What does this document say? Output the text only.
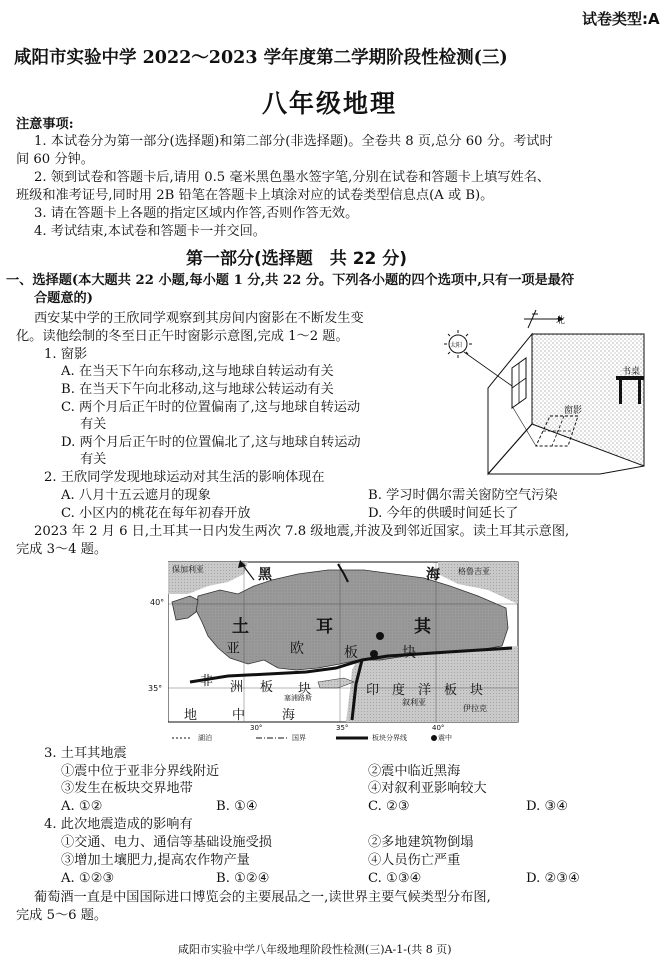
试卷类型:A
咸阳市实验中学 2022～2023 学年度第二学期阶段性检测(三)
八年级地理
注意事项:
1. 本试卷分为第一部分(选择题)和第二部分(非选择题)。全卷共 8 页,总分 60 分。考试时
间 60 分钟。
2. 领到试卷和答题卡后,请用 0.5 毫米黑色墨水签字笔,分别在试卷和答题卡上填写姓名、
班级和准考证号,同时用 2B 铅笔在答题卡上填涂对应的试卷类型信息点(A 或 B)。
3. 请在答题卡上各题的指定区域内作答,否则作答无效。
4. 考试结束,本试卷和答题卡一并交回。
第一部分(选择题　共 22 分)
一、选择题(本大题共 22 小题,每小题 1 分,共 22 分。下列各小题的四个选项中,只有一项是最符
合题意的)
西安某中学的王欣同学观察到其房间内窗影在不断发生变
化。读他绘制的冬至日正午时窗影示意图,完成 1～2 题。
1. 窗影
A. 在当天下午向东移动,这与地球自转运动有关
B. 在当天下午向北移动,这与地球公转运动有关
C. 两个月后正午时的位置偏南了,这与地球自转运动
有关
D. 两个月后正午时的位置偏北了,这与地球自转运动
有关
北
太阳
书桌
窗影
2. 王欣同学发现地球运动对其生活的影响体现在
A. 八月十五云遮月的现象	B. 学习时偶尔需关窗防空气污染
C. 小区内的桃花在每年初春开放	D. 今年的供暖时间延长了
2023 年 2 月 6 日,土耳其一日内发生两次 7.8 级地震,并波及到邻近国家。读土耳其示意图,
完成 3～4 题。
保加利亚	黑	海 格鲁吉亚
40°
土	耳	其
亚	欧	板	块
非 洲 板 块	印　度　洋　板　块
35°
塞浦路斯	叙利亚
伊拉克
地	中	海
30°	35°	40°
湖泊	国界	板块分界线	震中
3. 土耳其地震
①震中位于亚非分界线附近	②震中临近黑海
③发生在板块交界地带	④对叙利亚影响较大
A. ①②	B. ①④	C. ②③	D. ③④
4. 此次地震造成的影响有
①交通、电力、通信等基础设施受损	②多地建筑物倒塌
③增加土壤肥力,提高农作物产量	④人员伤亡严重
A. ①②③	B. ①②④	C. ①③④	D. ②③④
葡萄酒一直是中国国际进口博览会的主要展品之一,读世界主要气候类型分布图,
完成 5～6 题。
咸阳市实验中学八年级地理阶段性检测(三)A-1-(共 8 页)
